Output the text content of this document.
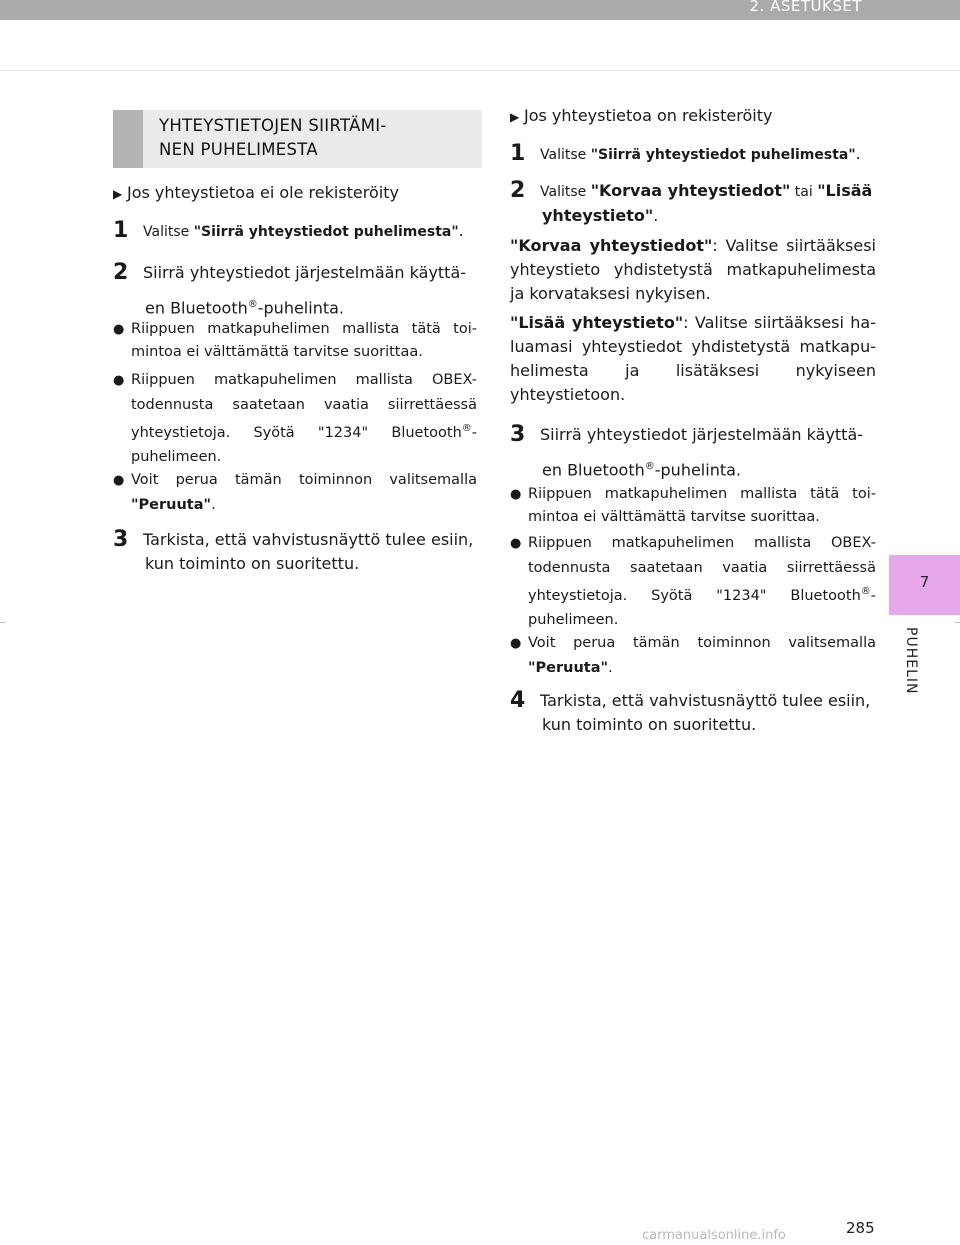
2. ASETUKSET
7
PUHELIN
YHTEYSTIETOJEN SIIRTÄMI-
NEN PUHELIMESTA
▶ Jos yhteystietoa ei ole rekisteröity
1 Valitse "Siirrä yhteystiedot puhelimesta".
2 Siirrä yhteystiedot järjestelmään käyttä-en Bluetooth®-puhelinta.
● Riippuen matkapuhelimen mallista tätä toi-mintoa ei välttämättä tarvitse suorittaa.
● Riippuen matkapuhelimen mallista OBEX-todennusta saatetaan vaatia siirrettäessä yhteystietoja. Syötä "1234" Bluetooth®-puhelimeen.
● Voit perua tämän toiminnon valitsemalla "Peruuta".
3 Tarkista, että vahvistusnäyttö tulee esiin, kun toiminto on suoritettu.
▶ Jos yhteystietoa on rekisteröity
1 Valitse "Siirrä yhteystiedot puhelimesta".
2 Valitse "Korvaa yhteystiedot" tai "Lisää yhteystieto".
"Korvaa yhteystiedot": Valitse siirtääksesi yhteystieto yhdistetystä matkapuhelimesta ja korvataksesi nykyisen.
"Lisää yhteystieto": Valitse siirtääksesi ha-luamasi yhteystiedot yhdistetystä matkapu-helimesta ja lisätäksesi nykyiseen yhteystietoon.
3 Siirrä yhteystiedot järjestelmään käyttä-en Bluetooth®-puhelinta.
● Riippuen matkapuhelimen mallista tätä toi-mintoa ei välttämättä tarvitse suorittaa.
● Riippuen matkapuhelimen mallista OBEX-todennusta saatetaan vaatia siirrettäessä yhteystietoja. Syötä "1234" Bluetooth®-puhelimeen.
● Voit perua tämän toiminnon valitsemalla "Peruuta".
4 Tarkista, että vahvistusnäyttö tulee esiin, kun toiminto on suoritettu.
285
carmanualsonline.info
